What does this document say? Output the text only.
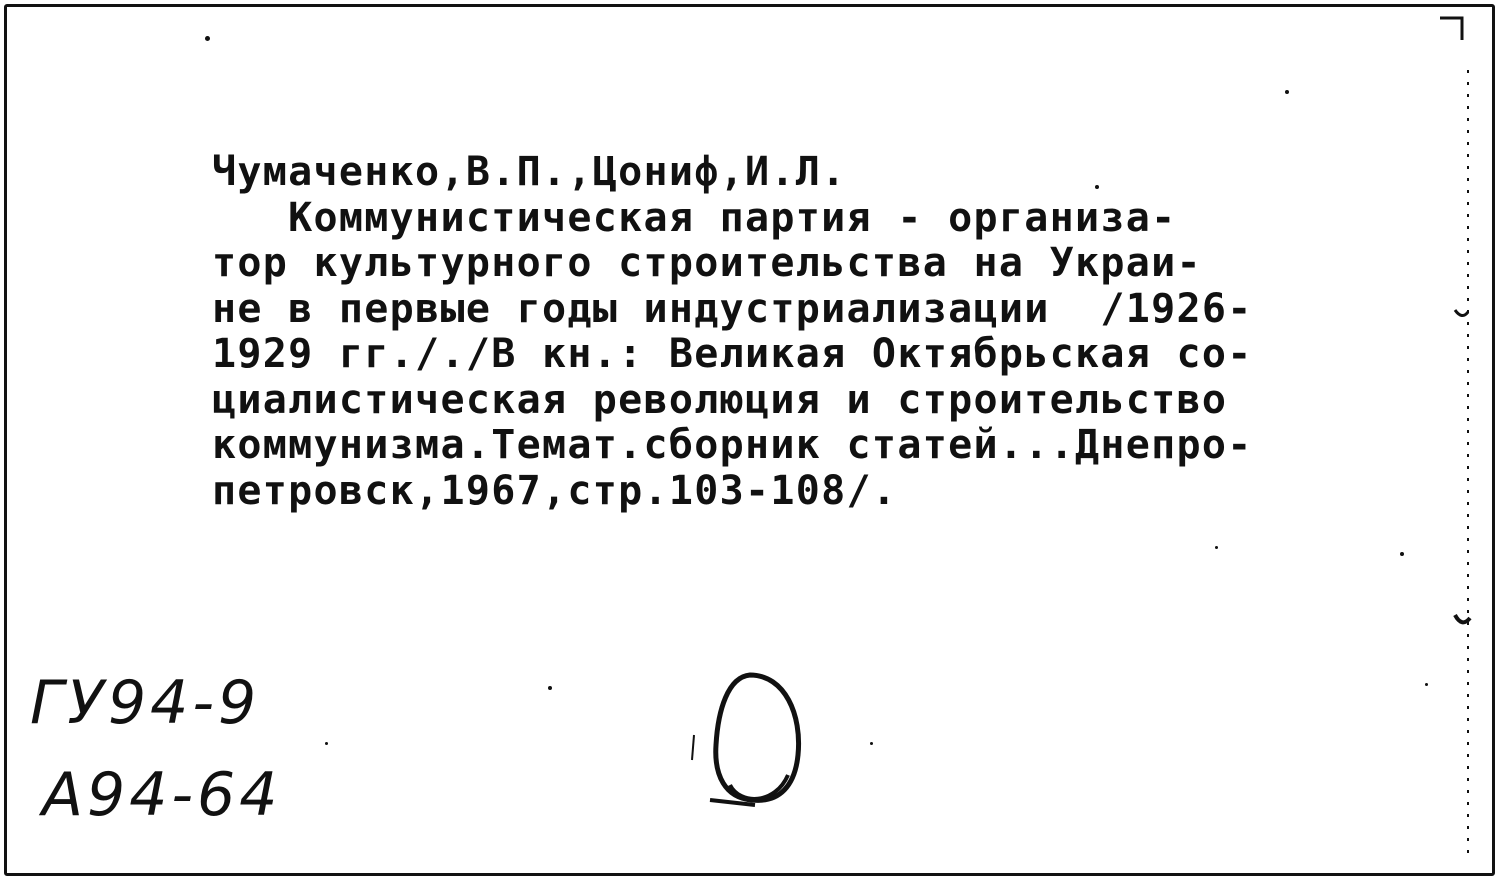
Чумаченко,В.П.,Цониф,И.Л.
Коммунистическая партия - организа-
тор культурного строительства на Украи-
не в первые годы индустриализации  /1926-
1929 гг././В кн.: Великая Октябрьская со-
циалистическая революция и строительство
коммунизма.Темат.сборник статей...Днепро-
петровск,1967,стр.103-108/.
ГУ94-9
А94-64
